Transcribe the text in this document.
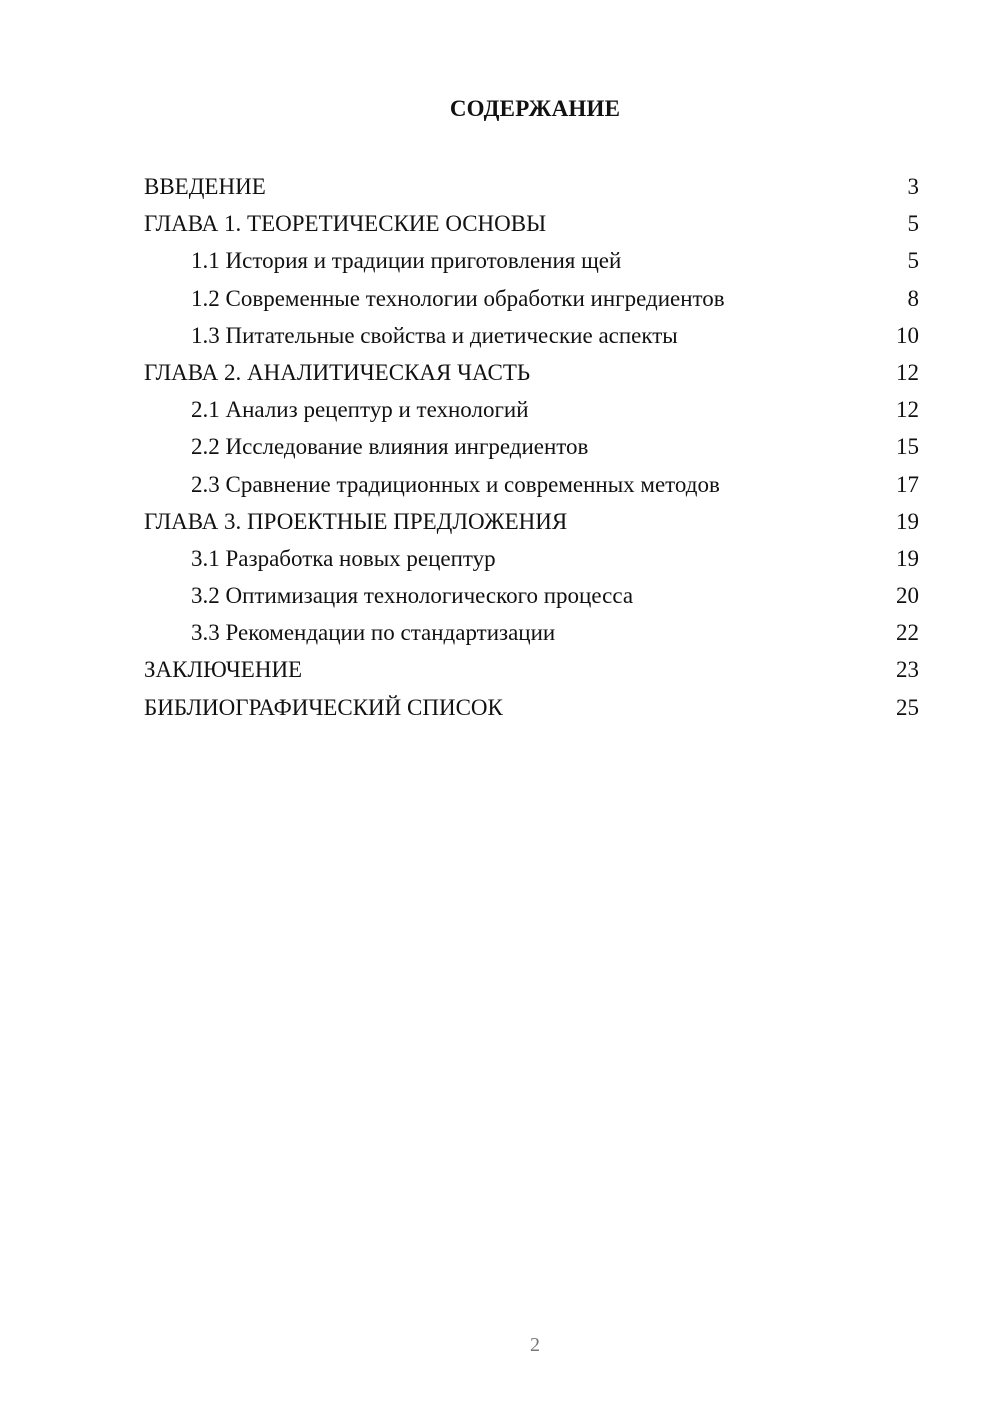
СОДЕРЖАНИЕ
ВВЕДЕНИЕ	3
ГЛАВА 1. ТЕОРЕТИЧЕСКИЕ ОСНОВЫ	5
1.1 История и традиции приготовления щей	5
1.2 Современные технологии обработки ингредиентов	8
1.3 Питательные свойства и диетические аспекты	10
ГЛАВА 2. АНАЛИТИЧЕСКАЯ ЧАСТЬ	12
2.1 Анализ рецептур и технологий	12
2.2 Исследование влияния ингредиентов	15
2.3 Сравнение традиционных и современных методов	17
ГЛАВА 3. ПРОЕКТНЫЕ ПРЕДЛОЖЕНИЯ	19
3.1 Разработка новых рецептур	19
3.2 Оптимизация технологического процесса	20
3.3 Рекомендации по стандартизации	22
ЗАКЛЮЧЕНИЕ	23
БИБЛИОГРАФИЧЕСКИЙ СПИСОК	25
2
